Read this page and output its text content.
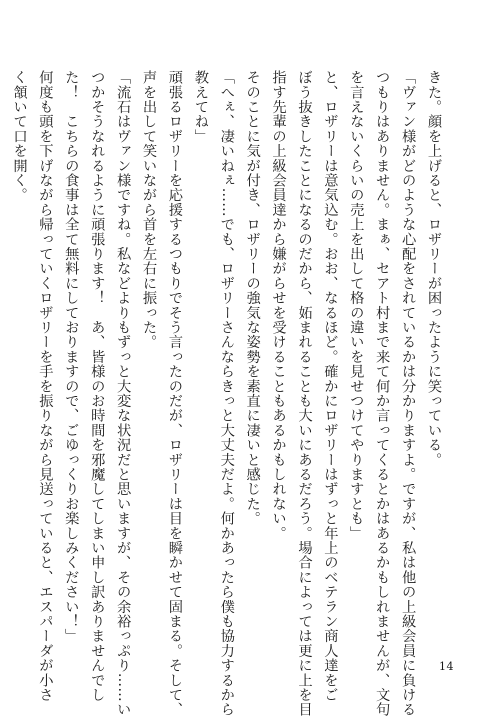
きた。顔を上げると、ロザリーが困ったように笑っている。
「ヴァン様がどのような心配をされているかは分かりますよ。ですが、私は他の上級会員に負ける
つもりはありません。まぁ、セアト村まで来て何か言ってくるとかはあるかもしれませんが、文句
を言えないくらいの売上を出して格の違いを見せつけてやりますとも」
と、ロザリーは意気込む。おお、なるほど。確かにロザリーはずっと年上のベテラン商人達をご
ぼう抜きしたことになるのだから、妬まれることも大いにあるだろう。場合によっては更に上を目
指す先輩の上級会員達から嫌がらせを受けることもあるかもしれない。
そのことに気が付き、ロザリーの強気な姿勢を素直に凄いと感じた。
「へぇ、凄いねぇ……でも、ロザリーさんならきっと大丈夫だよ。何かあったら僕も協力するから
教えてね」
頑張るロザリーを応援するつもりでそう言ったのだが、ロザリーは目を瞬かせて固まる。そして、
声を出して笑いながら首を左右に振った。
「流石はヴァン様ですね。私などよりもずっと大変な状況だと思いますが、その余裕っぷり……い
つかそうなれるように頑張ります！　あ、皆様のお時間を邪魔してしまい申し訳ありませんでし
た！　こちらの食事は全て無料にしておりますので、ごゆっくりお楽しみください！」
何度も頭を下げながら帰っていくロザリーを手を振りながら見送っていると、エスパーダが小さ
く頷いて口を開く。
14
